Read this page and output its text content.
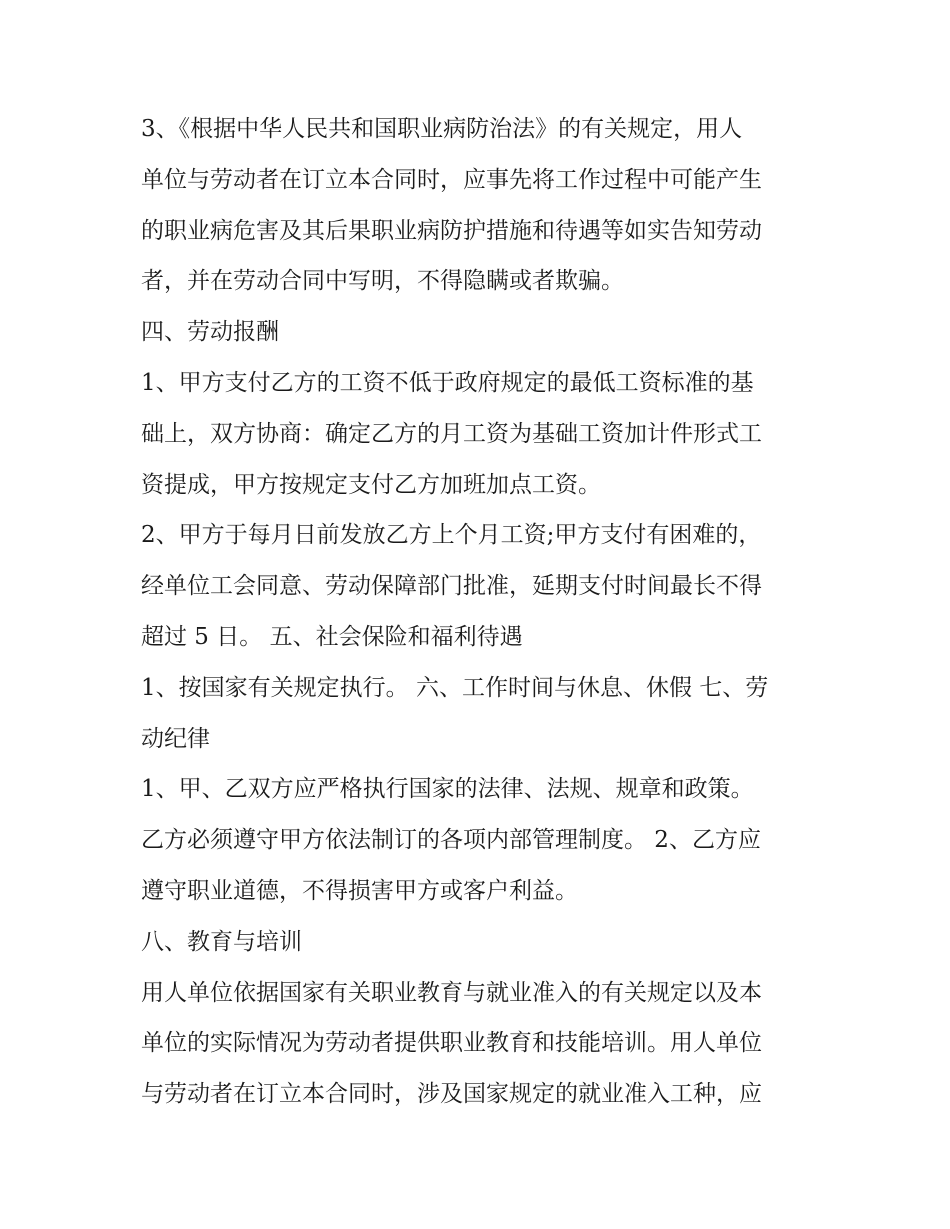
3、《根据中华人民共和国职业病防治法》的有关规定，用人
单位与劳动者在订立本合同时，应事先将工作过程中可能产生
的职业病危害及其后果职业病防护措施和待遇等如实告知劳动
者，并在劳动合同中写明，不得隐瞒或者欺骗。
四、劳动报酬
1、甲方支付乙方的工资不低于政府规定的最低工资标准的基
础上，双方协商：确定乙方的月工资为基础工资加计件形式工
资提成，甲方按规定支付乙方加班加点工资。
2、甲方于每月日前发放乙方上个月工资;甲方支付有困难的，
经单位工会同意、劳动保障部门批准，延期支付时间最长不得
超过 5 日。 五、社会保险和福利待遇
1、按国家有关规定执行。 六、工作时间与休息、休假 七、劳
动纪律
1、甲、乙双方应严格执行国家的法律、法规、规章和政策。
乙方必须遵守甲方依法制订的各项内部管理制度。 2、乙方应
遵守职业道德，不得损害甲方或客户利益。
八、教育与培训
用人单位依据国家有关职业教育与就业准入的有关规定以及本
单位的实际情况为劳动者提供职业教育和技能培训。用人单位
与劳动者在订立本合同时，涉及国家规定的就业准入工种，应
